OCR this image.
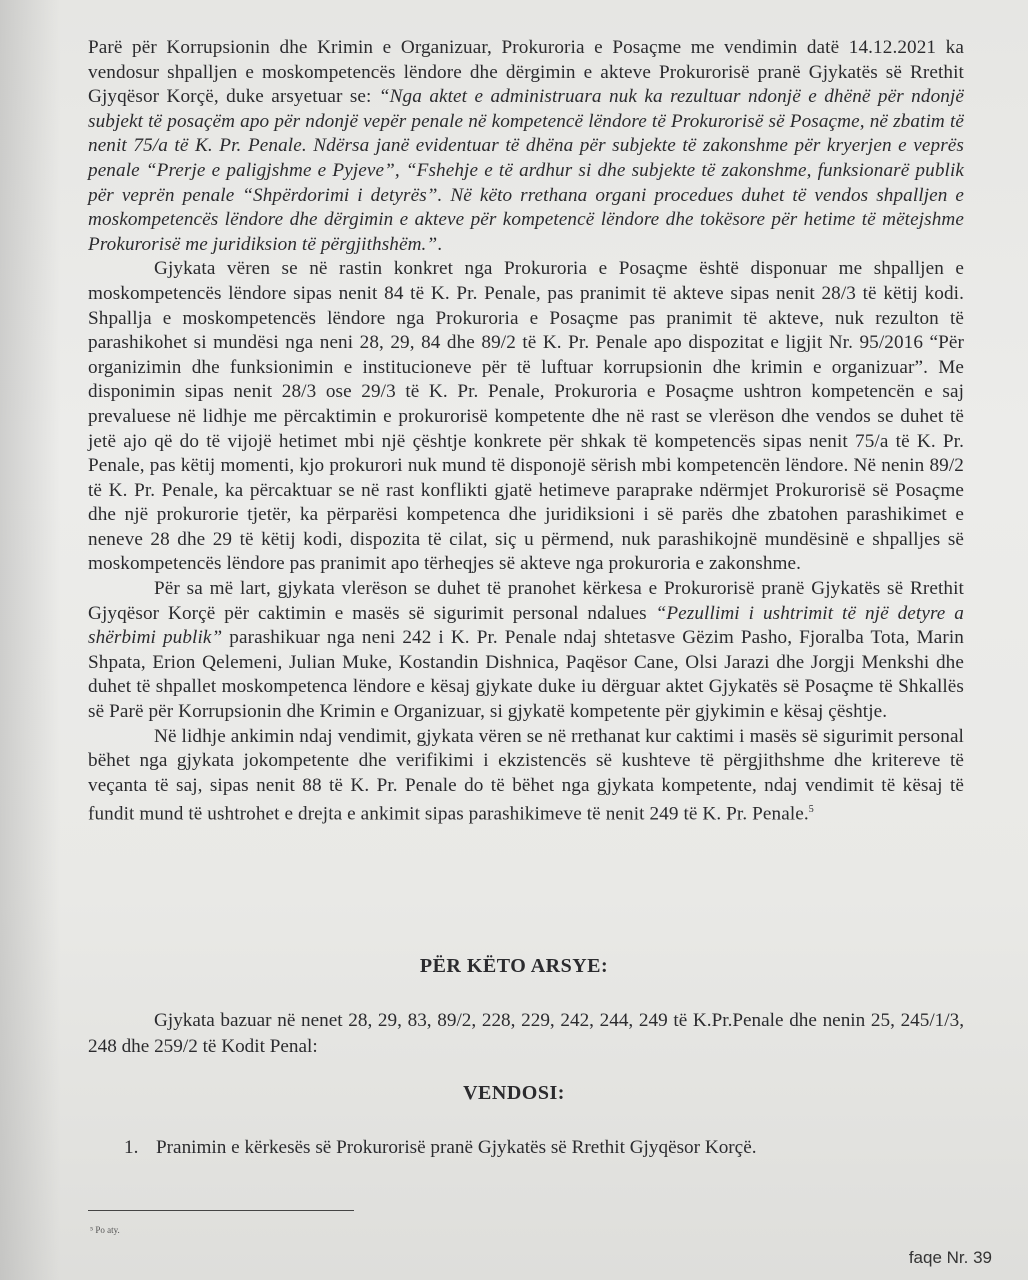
Parë për Korrupsionin dhe Krimin e Organizuar, Prokuroria e Posaçme me vendimin datë 14.12.2021 ka vendosur shpalljen e moskompetencës lëndore dhe dërgimin e akteve Prokurorisë pranë Gjykatës së Rrethit Gjyqësor Korçë, duke arsyetuar se: “Nga aktet e administruara nuk ka rezultuar ndonjë e dhënë për ndonjë subjekt të posaçëm apo për ndonjë vepër penale në kompetencë lëndore të Prokurorisë së Posaçme, në zbatim të nenit 75/a të K. Pr. Penale. Ndërsa janë evidentuar të dhëna për subjekte të zakonshme për kryerjen e veprës penale “Prerje e paligjshme e Pyjeve”, “Fshehje e të ardhur si dhe subjekte të zakonshme, funksionarë publik për veprën penale “Shpërdorimi i detyrës”. Në këto rrethana organi procedues duhet të vendos shpalljen e moskompetencës lëndore dhe dërgimin e akteve për kompetencë lëndore dhe tokësore për hetime të mëtejshme Prokurorisë me juridiksion të përgjithshëm.”.

Gjykata vëren se në rastin konkret nga Prokuroria e Posaçme është disponuar me shpalljen e moskompetencës lëndore sipas nenit 84 të K. Pr. Penale, pas pranimit të akteve sipas nenit 28/3 të këtij kodi. Shpallja e moskompetencës lëndore nga Prokuroria e Posaçme pas pranimit të akteve, nuk rezulton të parashikohet si mundësi nga neni 28, 29, 84 dhe 89/2 të K. Pr. Penale apo dispozitat e ligjit Nr. 95/2016 “Për organizimin dhe funksionimin e institucioneve për të luftuar korrupsionin dhe krimin e organizuar”. Me disponimin sipas nenit 28/3 ose 29/3 të K. Pr. Penale, Prokuroria e Posaçme ushtron kompetencën e saj prevaluese në lidhje me përcaktimin e prokurorisë kompetente dhe në rast se vlerëson dhe vendos se duhet të jetë ajo që do të vijojë hetimet mbi një çështje konkrete për shkak të kompetencës sipas nenit 75/a të K. Pr. Penale, pas këtij momenti, kjo prokurori nuk mund të disponojë sërish mbi kompetencën lëndore. Në nenin 89/2 të K. Pr. Penale, ka përcaktuar se në rast konflikti gjatë hetimeve paraprake ndërmjet Prokurorisë së Posaçme dhe një prokurorie tjetër, ka përparësi kompetenca dhe juridiksioni i së parës dhe zbatohen parashikimet e neneve 28 dhe 29 të këtij kodi, dispozita të cilat, siç u përmend, nuk parashikojnë mundësinë e shpalljes së moskompetencës lëndore pas pranimit apo tërheqjes së akteve nga prokuroria e zakonshme.

Për sa më lart, gjykata vlerëson se duhet të pranohet kërkesa e Prokurorisë pranë Gjykatës së Rrethit Gjyqësor Korçë për caktimin e masës së sigurimit personal ndalues “Pezullimi i ushtrimit të një detyre a shërbimi publik” parashikuar nga neni 242 i K. Pr. Penale ndaj shtetasve Gëzim Pasho, Fjoralba Tota, Marin Shpata, Erion Qelemeni, Julian Muke, Kostandin Dishnica, Paqësor Cane, Olsi Jarazi dhe Jorgji Menkshi dhe duhet të shpallet moskompetenca lëndore e kësaj gjykate duke iu dërguar aktet Gjykatës së Posaçme të Shkallës së Parë për Korrupsionin dhe Krimin e Organizuar, si gjykatë kompetente për gjykimin e kësaj çështje.

Në lidhje ankimin ndaj vendimit, gjykata vëren se në rrethanat kur caktimi i masës së sigurimit personal bëhet nga gjykata jokompetente dhe verifikimi i ekzistencës së kushteve të përgjithshme dhe kritereve të veçanta të saj, sipas nenit 88 të K. Pr. Penale do të bëhet nga gjykata kompetente, ndaj vendimit të kësaj të fundit mund të ushtrohet e drejta e ankimit sipas parashikimeve të nenit 249 të K. Pr. Penale.$^5$

PËR KËTO ARSYE:

Gjykata bazuar në nenet 28, 29, 83, 89/2, 228, 229, 242, 244, 249 të K.Pr.Penale dhe nenin 25, 245/1/3, 248 dhe 259/2 të Kodit Penal:

VENDOSI:
1. Pranimin e kërkesës së Prokurorisë pranë Gjykatës së Rrethit Gjyqësor Korçë.
⁵ Po aty.
faqe Nr. 39
